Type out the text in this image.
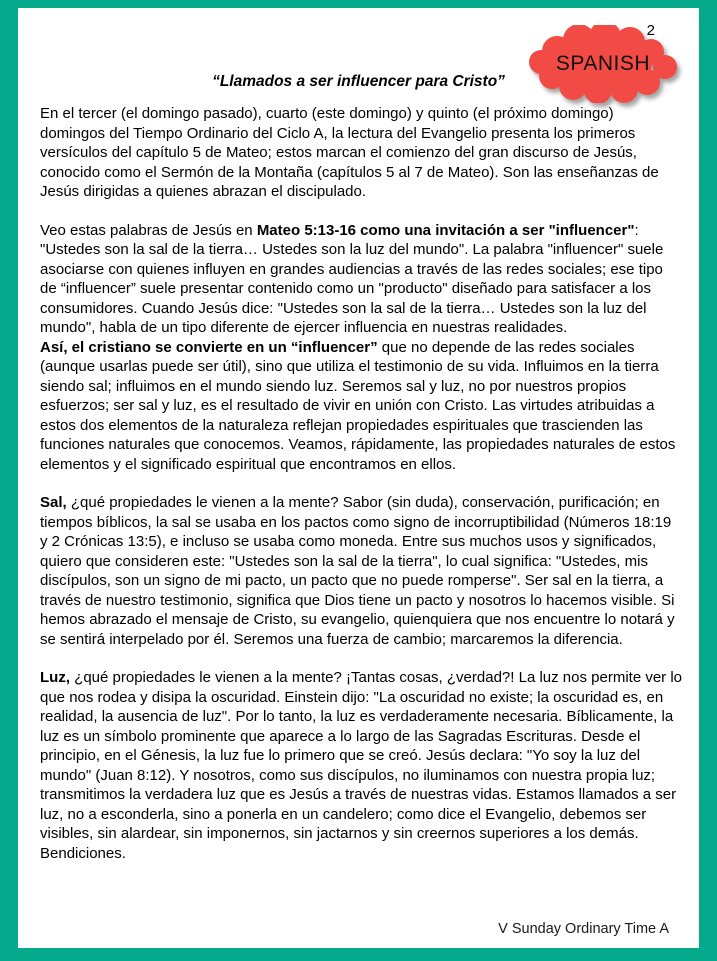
2
SPANISH
“Llamados a ser influencer para Cristo”

En el tercer (el domingo pasado), cuarto (este domingo) y quinto (el próximo domingo) domingos del Tiempo Ordinario del Ciclo A, la lectura del Evangelio presenta los primeros versículos del capítulo 5 de Mateo; estos marcan el comienzo del gran discurso de Jesús, conocido como el Sermón de la Montaña (capítulos 5 al 7 de Mateo). Son las enseñanzas de Jesús dirigidas a quienes abrazan el discipulado.

Veo estas palabras de Jesús en Mateo 5:13-16 como una invitación a ser "influencer": "Ustedes son la sal de la tierra… Ustedes son la luz del mundo". La palabra "influencer" suele asociarse con quienes influyen en grandes audiencias a través de las redes sociales; ese tipo de “influencer” suele presentar contenido como un "producto" diseñado para satisfacer a los consumidores. Cuando Jesús dice: "Ustedes son la sal de la tierra… Ustedes son la luz del mundo", habla de un tipo diferente de ejercer influencia en nuestras realidades.

Así, el cristiano se convierte en un “influencer” que no depende de las redes sociales (aunque usarlas puede ser útil), sino que utiliza el testimonio de su vida. Influimos en la tierra siendo sal; influimos en el mundo siendo luz. Seremos sal y luz, no por nuestros propios esfuerzos; ser sal y luz, es el resultado de vivir en unión con Cristo. Las virtudes atribuidas a estos dos elementos de la naturaleza reflejan propiedades espirituales que trascienden las funciones naturales que conocemos. Veamos, rápidamente, las propiedades naturales de estos elementos y el significado espiritual que encontramos en ellos.

Sal, ¿qué propiedades le vienen a la mente? Sabor (sin duda), conservación, purificación; en tiempos bíblicos, la sal se usaba en los pactos como signo de incorruptibilidad (Números 18:19 y 2 Crónicas 13:5), e incluso se usaba como moneda. Entre sus muchos usos y significados, quiero que consideren este: "Ustedes son la sal de la tierra", lo cual significa: "Ustedes, mis discípulos, son un signo de mi pacto, un pacto que no puede romperse". Ser sal en la tierra, a través de nuestro testimonio, significa que Dios tiene un pacto y nosotros lo hacemos visible. Si hemos abrazado el mensaje de Cristo, su evangelio, quienquiera que nos encuentre lo notará y se sentirá interpelado por él. Seremos una fuerza de cambio; marcaremos la diferencia.

Luz, ¿qué propiedades le vienen a la mente? ¡Tantas cosas, ¿verdad?! La luz nos permite ver lo que nos rodea y disipa la oscuridad. Einstein dijo: "La oscuridad no existe; la oscuridad es, en realidad, la ausencia de luz". Por lo tanto, la luz es verdaderamente necesaria. Bíblicamente, la luz es un símbolo prominente que aparece a lo largo de las Sagradas Escrituras. Desde el principio, en el Génesis, la luz fue lo primero que se creó. Jesús declara: "Yo soy la luz del mundo" (Juan 8:12). Y nosotros, como sus discípulos, no iluminamos con nuestra propia luz; transmitimos la verdadera luz que es Jesús a través de nuestras vidas. Estamos llamados a ser luz, no a esconderla, sino a ponerla en un candelero; como dice el Evangelio, debemos ser visibles, sin alardear, sin imponernos, sin jactarnos y sin creernos superiores a los demás.

Bendiciones.

V Sunday Ordinary Time A
